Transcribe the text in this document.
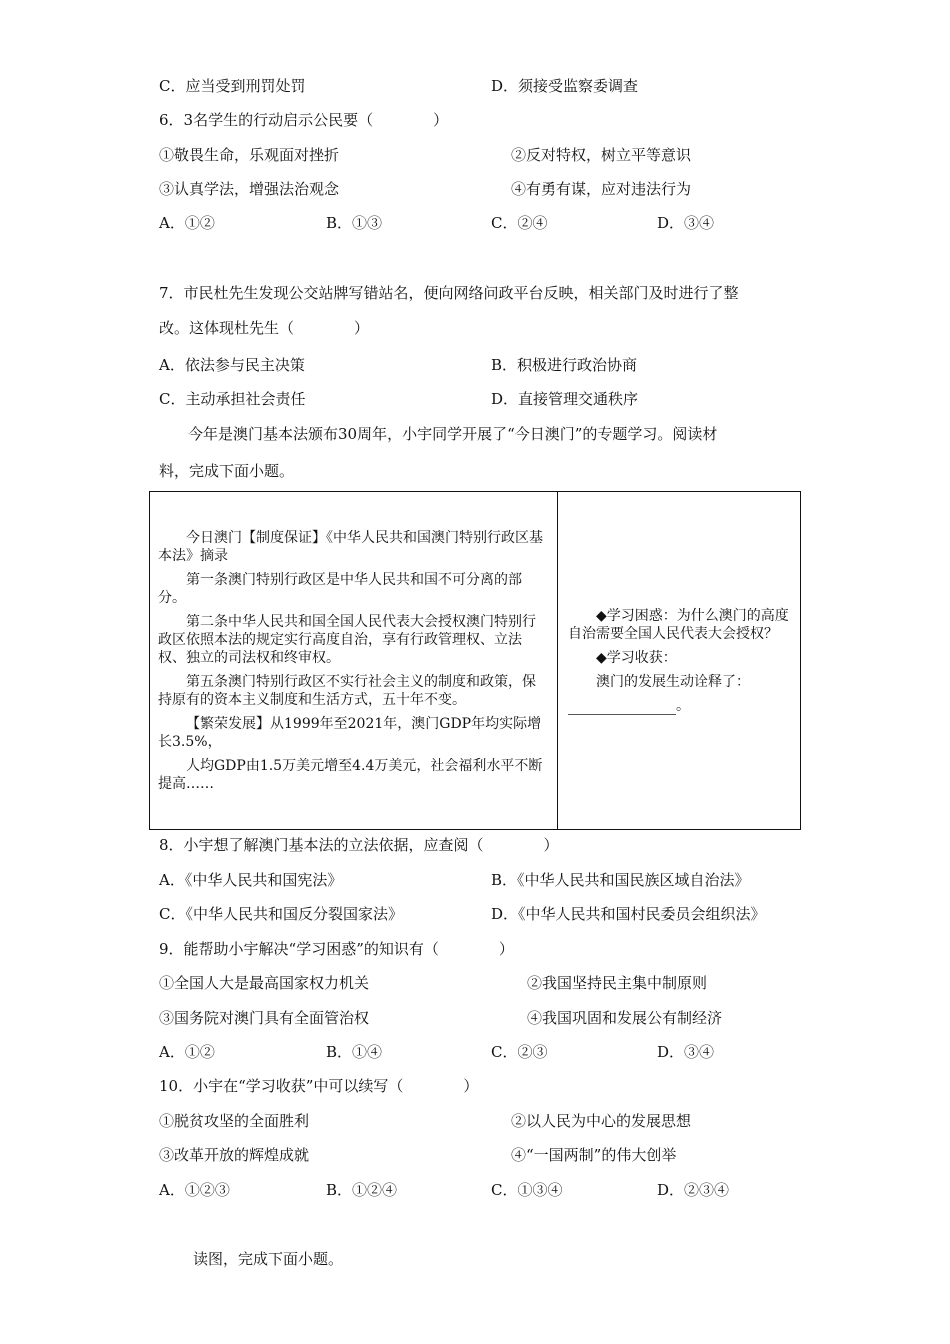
C．应当受到刑罚处罚	D．须接受监察委调查
6．3名学生的行动启示公民要（　　　　）
①敬畏生命，乐观面对挫折	②反对特权，树立平等意识
③认真学法，增强法治观念	④有勇有谋，应对违法行为
A．①②	B．①③	C．②④	D．③④
7．市民杜先生发现公交站牌写错站名，便向网络问政平台反映，相关部门及时进行了整
改。这体现杜先生（　　　　）
A．依法参与民主决策	B．积极进行政治协商
C．主动承担社会责任	D．直接管理交通秩序
今年是澳门基本法颁布30周年，小宇同学开展了“今日澳门”的专题学习。阅读材
料，完成下面小题。

今日澳门【制度保证】《中华人民共和国澳门特别行政区基本法》摘录

第一条澳门特别行政区是中华人民共和国不可分离的部分。

第二条中华人民共和国全国人民代表大会授权澳门特别行政区依照本法的规定实行高度自治，享有行政管理权、立法权、独立的司法权和终审权。

第五条澳门特别行政区不实行社会主义的制度和政策，保持原有的资本主义制度和生活方式，五十年不变。

【繁荣发展】从1999年至2021年，澳门GDP年均实际增长3.5%，

人均GDP由1.5万美元增至4.4万美元，社会福利水平不断提高……

◆学习困惑：为什么澳门的高度自治需要全国人民代表大会授权？

◆学习收获：

澳门的发展生动诠释了：

。

8．小宇想了解澳门基本法的立法依据，应查阅（　　　　）
A．《中华人民共和国宪法》	B．《中华人民共和国民族区域自治法》
C．《中华人民共和国反分裂国家法》	D．《中华人民共和国村民委员会组织法》
9．能帮助小宇解决“学习困惑”的知识有（　　　　）
①全国人大是最高国家权力机关	②我国坚持民主集中制原则
③国务院对澳门具有全面管治权	④我国巩固和发展公有制经济
A．①②	B．①④	C．②③	D．③④
10．小宇在“学习收获”中可以续写（　　　　）
①脱贫攻坚的全面胜利	②以人民为中心的发展思想
③改革开放的辉煌成就	④“一国两制”的伟大创举
A．①②③	B．①②④	C．①③④	D．②③④
读图，完成下面小题。
